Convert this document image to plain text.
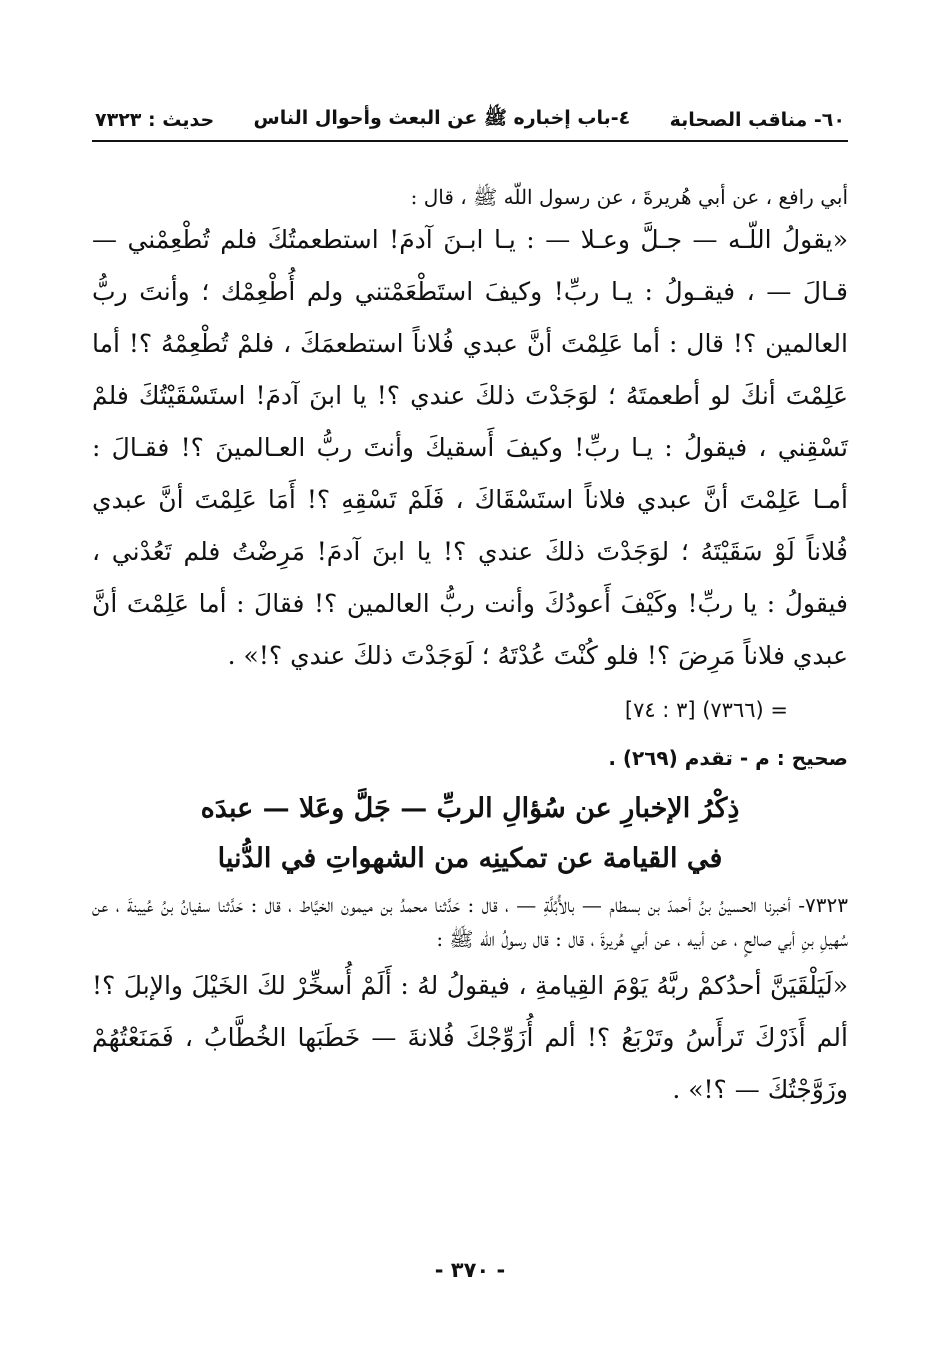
٦٠- مناقب الصحابة
٤-باب إخباره ﷺ عن البعث وأحوال الناس
حديث : ٧٣٢٣

أبي رافع ، عن أبي هُريرةَ ، عن رسول اللّه ﷺ ، قال :

«يقولُ اللّـه — جـلَّ وعـلا — : يـا ابـنَ آدمَ! استطعمتُكَ فلم تُطْعِمْني — قـالَ — ، فيقـولُ : يـا ربِّ! وكيفَ استَطْعَمْتني ولم أُطْعِمْك ؛ وأنتَ ربُّ العالمين ؟! قال : أما عَلِمْتَ أنَّ عبدي فُلاناً استطعمَكَ ، فلمْ تُطْعِمْهُ ؟! أما عَلِمْتَ أنكَ لو أطعمتَهُ ؛ لوَجَدْتَ ذلكَ عندي ؟! يا ابنَ آدمَ! استَسْقَيْتُكَ فلمْ تَسْقِني ، فيقولُ : يـا ربِّ! وكيفَ أَسقيكَ وأنتَ ربُّ العـالمينَ ؟! فقـالَ : أمـا عَلِمْتَ أنَّ عبدي فلاناً استَسْقَاكَ ، فَلَمْ تَسْقِهِ ؟! أَمَا عَلِمْتَ أنَّ عبدي فُلاناً لَوْ سَقَيْتَهُ ؛ لوَجَدْتَ ذلكَ عندي ؟! يا ابنَ آدمَ! مَرِضْتُ فلم تَعُدْني ، فيقولُ : يا ربِّ! وكَيْفَ أَعودُكَ وأنت ربُّ العالمين ؟! فقالَ : أما عَلِمْتَ أنَّ عبدي فلاناً مَرِضَ ؟! فلو كُنْتَ عُدْتَهُ ؛ لَوَجَدْتَ ذلكَ عندي ؟!» .

= (٧٣٦٦) [٣ : ٧٤]

صحيح : م - تقدم (٢٦٩) .

ذِكْرُ الإخبارِ عن سُؤالِ الربِّ — جَلَّ وعَلا — عبدَه
في القيامة عن تمكينِه من الشهواتِ في الدُّنيا

٧٣٢٣- أخبرنا الحسينُ بنُ أحمدَ بن بسطام — بالأُبُلَّةِ — ، قال : حَدَّثنا محمدُ بن ميمون الخيَّاط ، قال : حَدَّثنا سفيانُ بنُ عُيينةَ ، عن سُهيلِ بنِ أبي صالحٍ ، عن أبيه ، عن أبي هُريرةَ ، قال : قال رسولُ اللّه ﷺ :

«لَيَلْقَيَنَّ أحدُكمْ ربَّهُ يَوْمَ القِيامةِ ، فيقولُ لهُ : أَلَمْ أُسخِّرْ لكَ الخَيْلَ والإبلَ ؟! ألم أَذَرْكَ تَرأَسُ وتَرْبَعُ ؟! ألم أُزَوِّجْكَ فُلانةَ — خَطَبَها الخُطَّابُ ، فَمَنَعْتُهُمْ وزَوَّجْتُكَ — ؟!» .

- ٣٧٠ -
